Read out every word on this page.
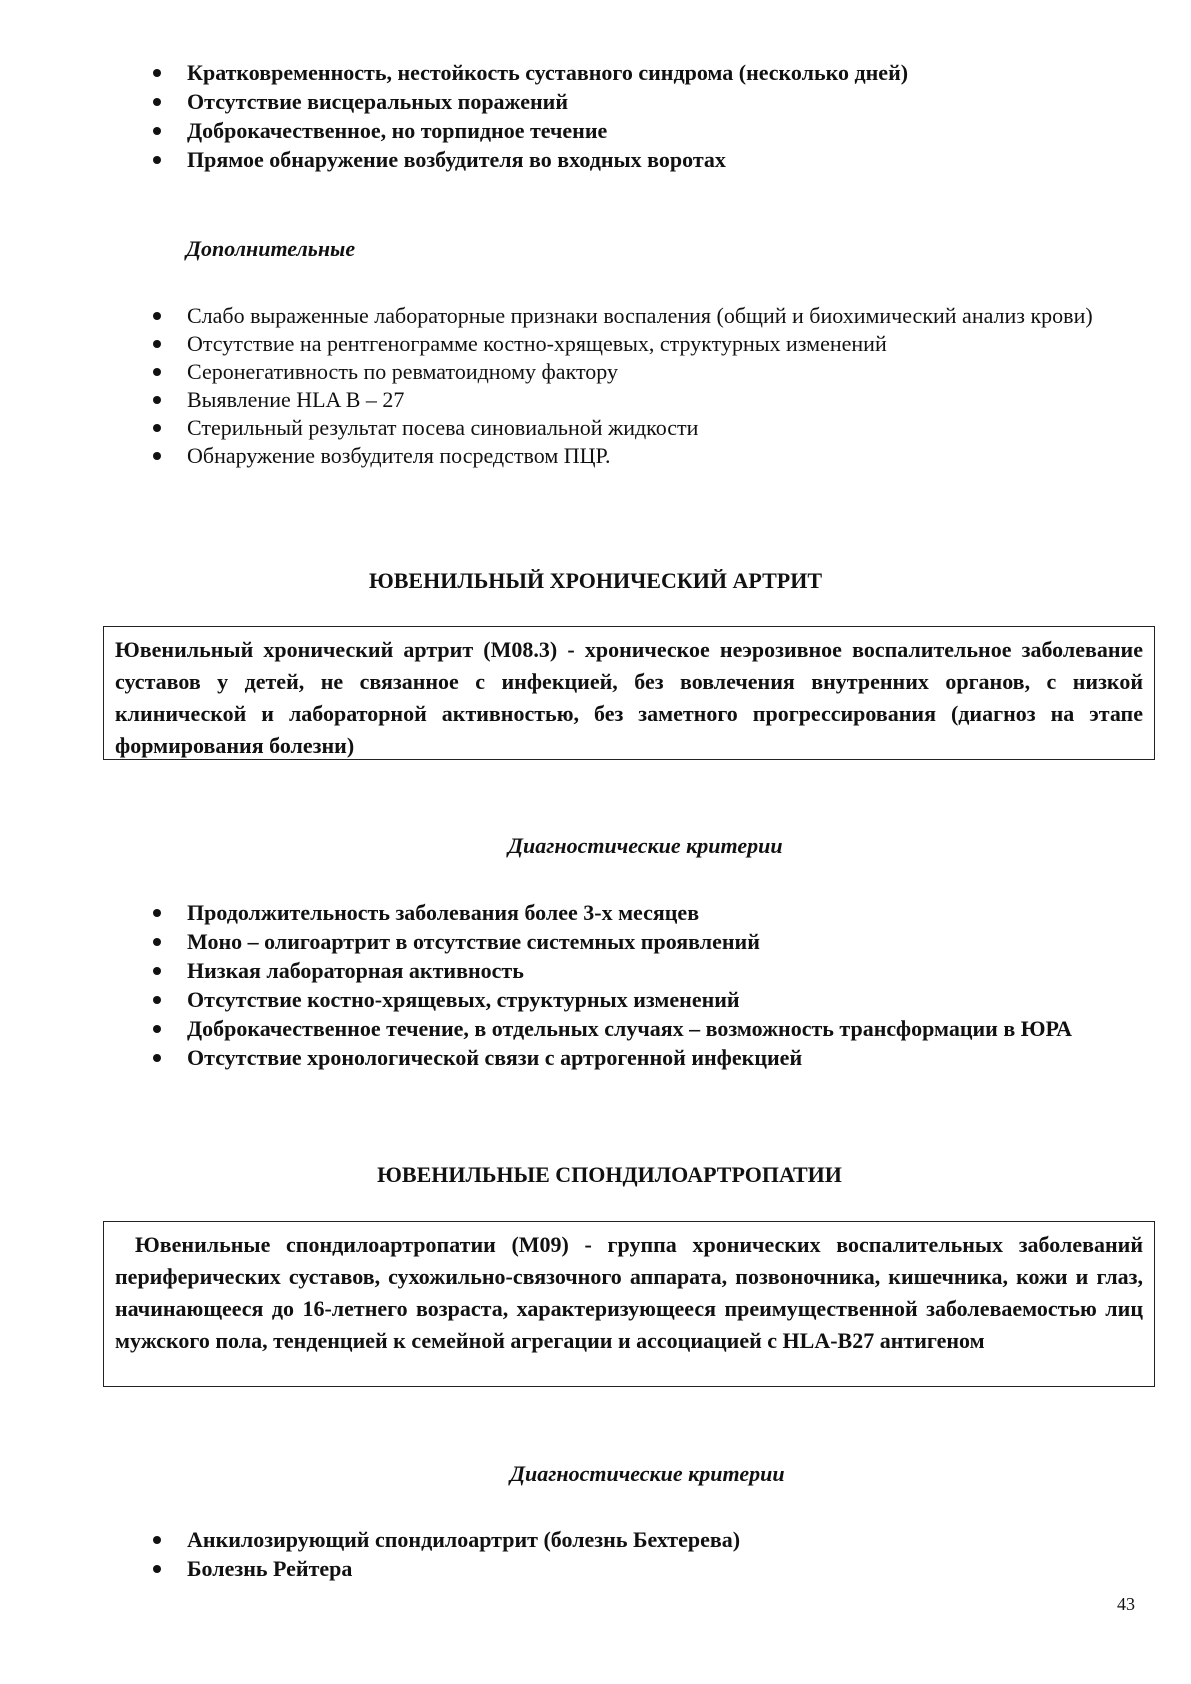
Кратковременность, нестойкость суставного синдрома (несколько дней)
Отсутствие висцеральных поражений
Доброкачественное, но торпидное течение
Прямое обнаружение возбудителя во входных воротах
Дополнительные
Слабо выраженные лабораторные признаки воспаления (общий и биохимический анализ крови)
Отсутствие на рентгенограмме костно-хрящевых, структурных изменений
Серонегативность по ревматоидному фактору
Выявление HLA B – 27
Стерильный результат посева синовиальной жидкости
Обнаружение возбудителя посредством ПЦР.
ЮВЕНИЛЬНЫЙ ХРОНИЧЕСКИЙ АРТРИТ
Ювенильный хронический артрит (М08.3) - хроническое неэрозивное воспалительное заболевание суставов у детей, не связанное с инфекцией, без вовлечения внутренних органов, с низкой клинической и лабораторной активностью, без заметного прогрессирования (диагноз на этапе формирования болезни)
Диагностические критерии
Продолжительность заболевания более 3-х месяцев
Моно – олигоартрит в отсутствие системных проявлений
Низкая лабораторная активность
Отсутствие костно-хрящевых, структурных изменений
Доброкачественное течение, в отдельных случаях – возможность трансформации в ЮРА
Отсутствие хронологической связи с артрогенной инфекцией
ЮВЕНИЛЬНЫЕ СПОНДИЛОАРТРОПАТИИ
Ювенильные спондилоартропатии (М09) - группа хронических воспалительных заболеваний периферических суставов, сухожильно-связочного аппарата, позвоночника, кишечника, кожи и глаз, начинающееся до 16-летнего возраста, характеризующееся преимущественной заболеваемостью лиц мужского пола, тенденцией к семейной агрегации и ассоциацией с HLA-B27 антигеном
Диагностические критерии
Анкилозирующий спондилоартрит (болезнь Бехтерева)
Болезнь Рейтера
43
